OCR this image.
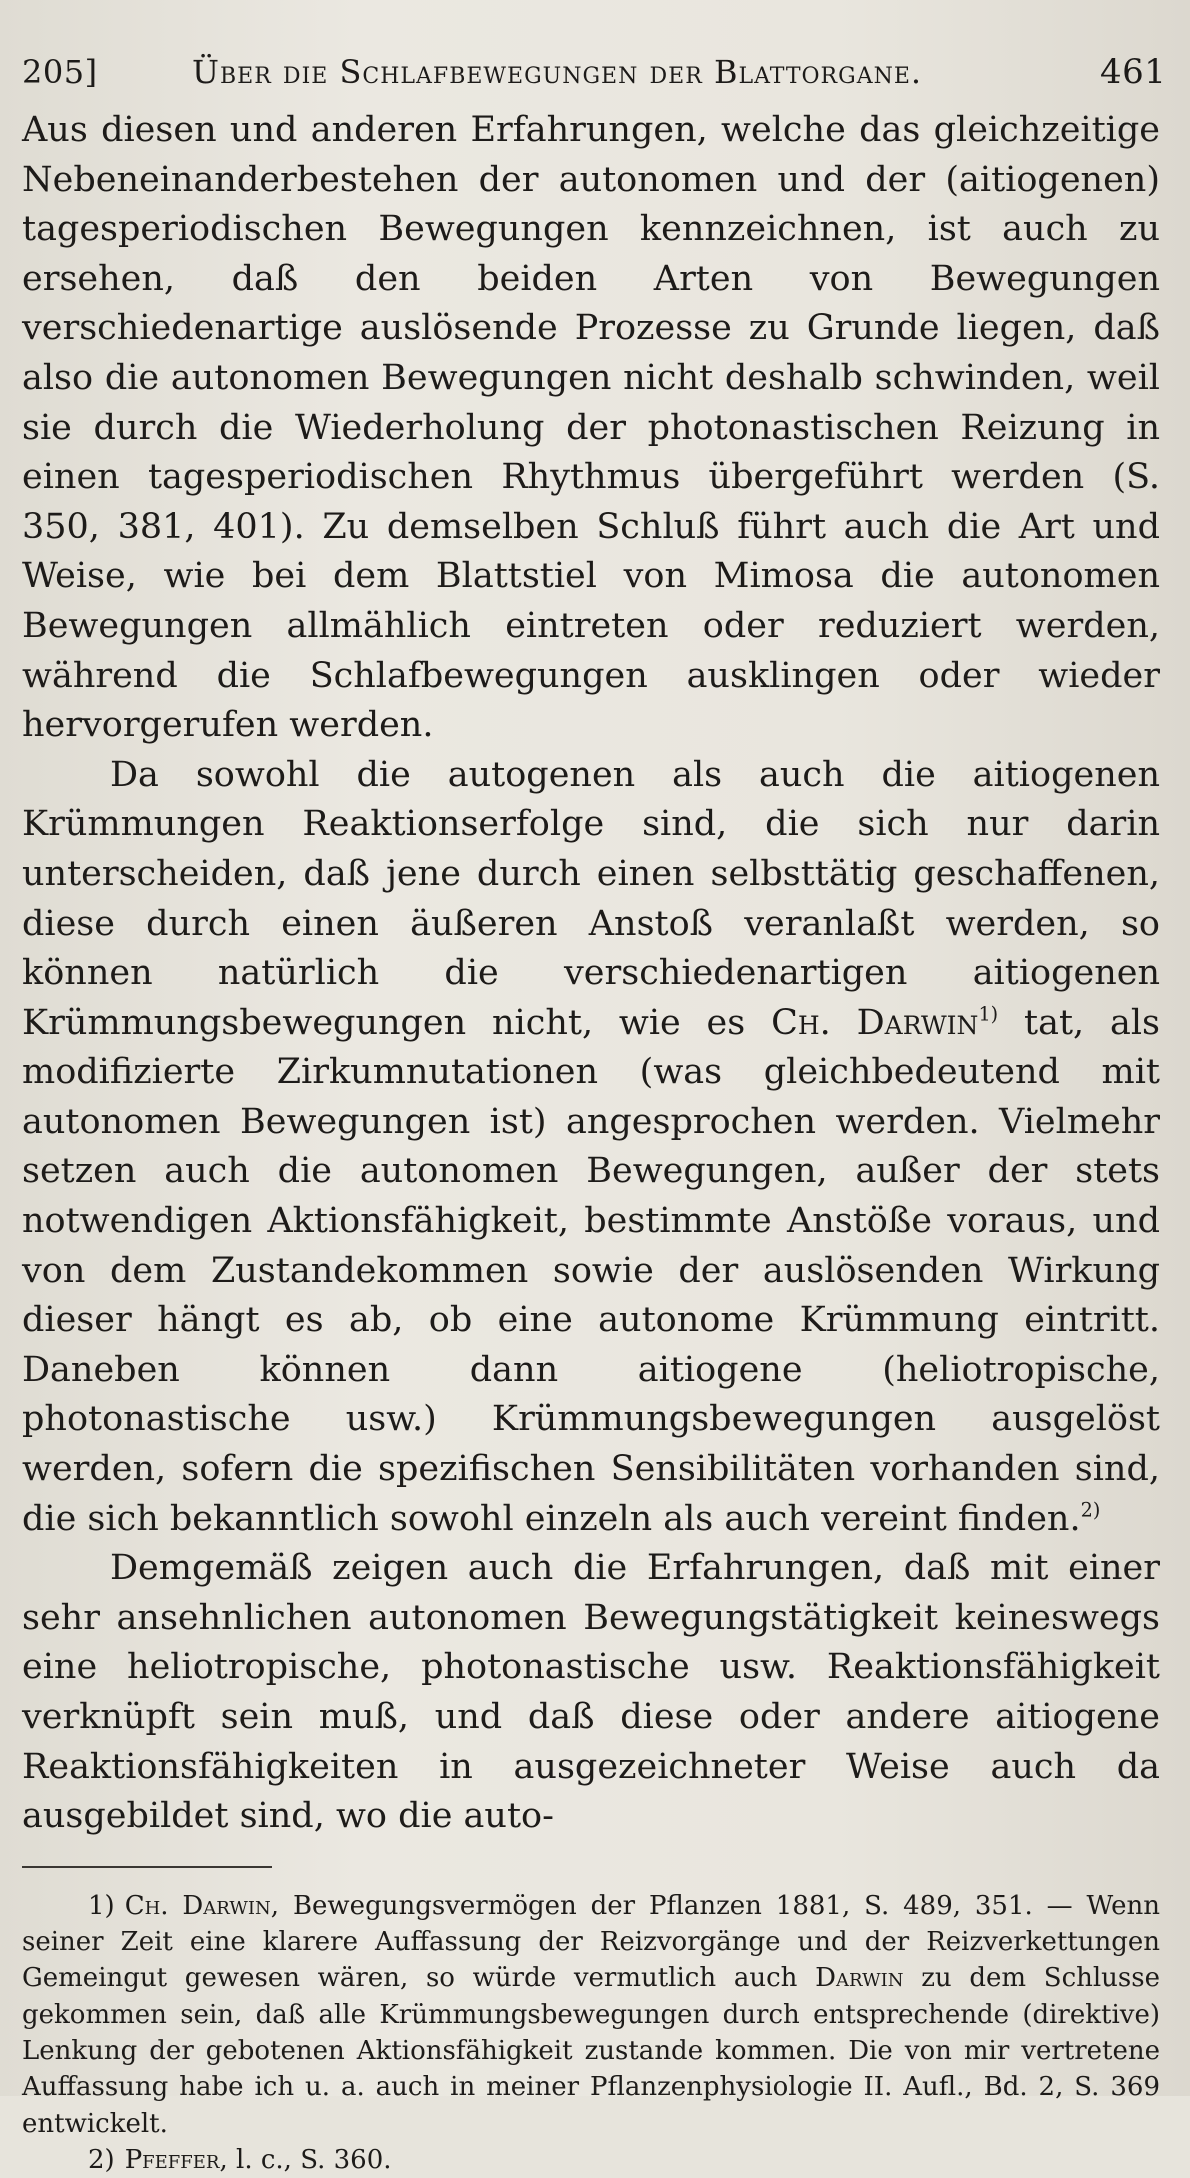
205]	Über die Schlafbewegungen der Blattorgane.	461

Aus diesen und anderen Erfahrungen, welche das gleichzeitige Nebeneinanderbestehen der autonomen und der (aitiogenen) tagesperiodischen Bewegungen kennzeichnen, ist auch zu ersehen, daß den beiden Arten von Bewegungen verschiedenartige auslösende Prozesse zu Grunde liegen, daß also die autonomen Bewegungen nicht deshalb schwinden, weil sie durch die Wiederholung der photonastischen Reizung in einen tagesperiodischen Rhythmus übergeführt werden (S. 350, 381, 401). Zu demselben Schluß führt auch die Art und Weise, wie bei dem Blattstiel von Mimosa die autonomen Bewegungen allmählich eintreten oder reduziert werden, während die Schlafbewegungen ausklingen oder wieder hervorgerufen werden.

Da sowohl die autogenen als auch die aitiogenen Krümmungen Reaktionserfolge sind, die sich nur darin unterscheiden, daß jene durch einen selbsttätig geschaffenen, diese durch einen äußeren Anstoß veranlaßt werden, so können natürlich die verschiedenartigen aitiogenen Krümmungsbewegungen nicht, wie es Ch. Darwin$^{1)}$ tat, als modifizierte Zirkumnutationen (was gleichbedeutend mit autonomen Bewegungen ist) angesprochen werden. Vielmehr setzen auch die autonomen Bewegungen, außer der stets notwendigen Aktionsfähigkeit, bestimmte Anstöße voraus, und von dem Zustandekommen sowie der auslösenden Wirkung dieser hängt es ab, ob eine autonome Krümmung eintritt. Daneben können dann aitiogene (heliotropische, photonastische usw.) Krümmungsbewegungen ausgelöst werden, sofern die spezifischen Sensibilitäten vorhanden sind, die sich bekanntlich sowohl einzeln als auch vereint finden.$^{2)}$

Demgemäß zeigen auch die Erfahrungen, daß mit einer sehr ansehnlichen autonomen Bewegungstätigkeit keineswegs eine heliotropische, photonastische usw. Reaktionsfähigkeit verknüpft sein muß, und daß diese oder andere aitiogene Reaktionsfähigkeiten in ausgezeichneter Weise auch da ausgebildet sind, wo die auto-

1) Ch. Darwin, Bewegungsvermögen der Pflanzen 1881, S. 489, 351. — Wenn seiner Zeit eine klarere Auffassung der Reizvorgänge und der Reizverkettungen Gemeingut gewesen wären, so würde vermutlich auch Darwin zu dem Schlusse gekommen sein, daß alle Krümmungsbewegungen durch entsprechende (direktive) Lenkung der gebotenen Aktionsfähigkeit zustande kommen. Die von mir vertretene Auffassung habe ich u. a. auch in meiner Pflanzenphysiologie II. Aufl., Bd. 2, S. 369 entwickelt.

2) Pfeffer, l. c., S. 360.
